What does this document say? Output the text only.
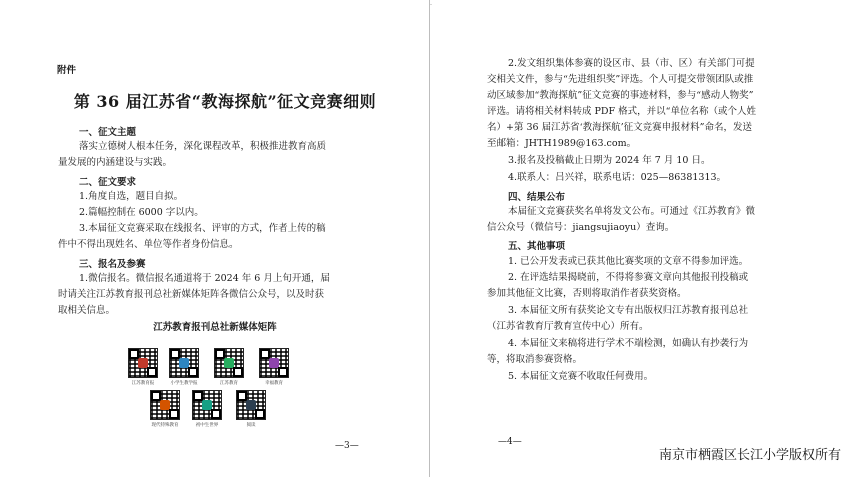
附件
第 36 届江苏省“教海探航”征文竞赛细则
一、征文主题
落实立德树人根本任务，深化课程改革，积极推进教育高质
量发展的内涵建设与实践。
二、征文要求
1.角度自选，题目自拟。
2.篇幅控制在 6000 字以内。
3.本届征文竞赛采取在线报名、评审的方式，作者上传的稿
件中不得出现姓名、单位等作者身份信息。
三、报名及参赛
1.微信报名。微信报名通道将于 2024 年 6 月上旬开通，届
时请关注江苏教育报刊总社新媒体矩阵各微信公众号，以及时获
取相关信息。
江苏教育报刊总社新媒体矩阵
江苏教育报	小学生教学报	江苏教育	幸福教育
现代特殊教育	初中生世界	阅读
—3—
2.发文组织集体参赛的设区市、县（市、区）有关部门可提
交相关文件，参与“先进组织奖”评选。个人可提交带领团队或推
动区域参加“教海探航”征文竞赛的事迹材料，参与“感动人物奖”
评选。请将相关材料转成 PDF 格式，并以“单位名称（或个人姓
名）+第 36 届江苏省‘教海探航’征文竞赛申报材料”命名，发送
至邮箱：JHTH1989@163.com。
3.报名及投稿截止日期为 2024 年 7 月 10 日。
4.联系人：吕兴祥，联系电话：025—86381313。
四、结果公布
本届征文竞赛获奖名单将发文公布。可通过《江苏教育》微
信公众号（微信号：jiangsujiaoyu）查询。
五、其他事项
1. 已公开发表或已获其他比赛奖项的文章不得参加评选。
2. 在评选结果揭晓前，不得将参赛文章向其他报刊投稿或
参加其他征文比赛，否则将取消作者获奖资格。
3. 本届征文所有获奖论文专有出版权归江苏教育报刊总社
（江苏省教育厅教育宣传中心）所有。
4. 本届征文来稿将进行学术不端检测，如确认有抄袭行为
等，将取消参赛资格。
5. 本届征文竞赛不收取任何费用。
—4—
南京市栖霞区长江小学版权所有
